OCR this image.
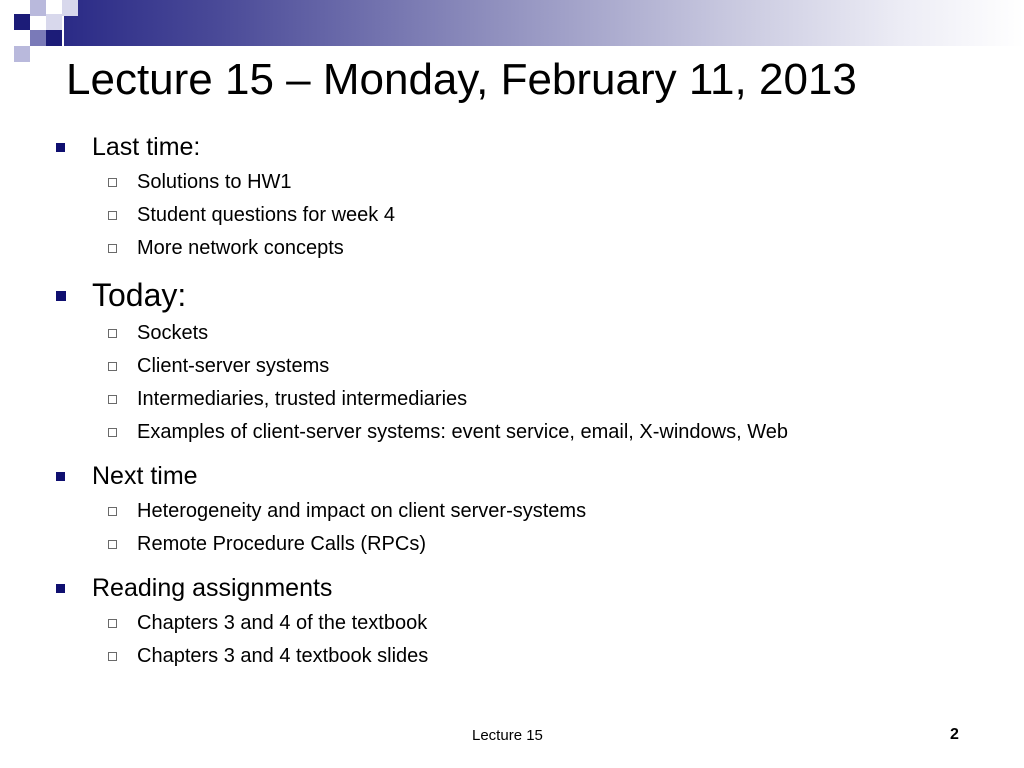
Lecture 15 – Monday, February 11, 2013
Last time:
Solutions to HW1
Student questions for week 4
More network concepts
Today:
Sockets
Client-server systems
Intermediaries, trusted intermediaries
Examples of client-server systems: event service, email, X-windows, Web
Next time
Heterogeneity and impact on client server-systems
Remote Procedure Calls (RPCs)
Reading assignments
Chapters 3 and 4 of the textbook
Chapters 3 and 4 textbook slides
Lecture 15	2
